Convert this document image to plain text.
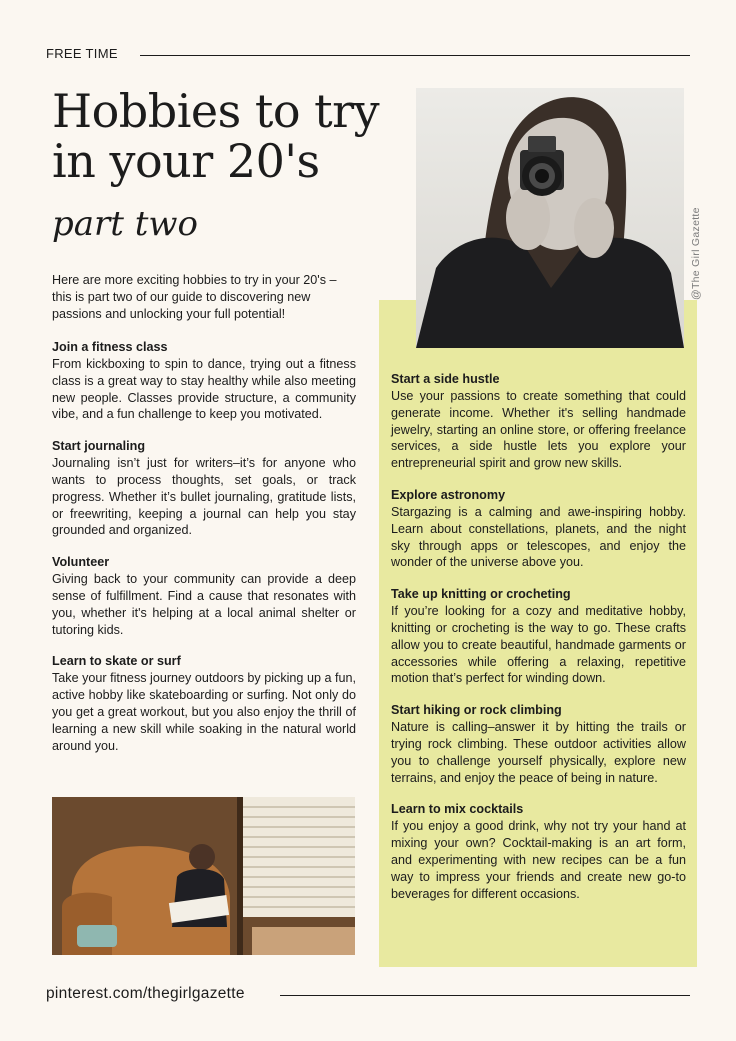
FREE TIME
Hobbies to try
in your 20's
part two

Here are more exciting hobbies to try in your 20's –this is part two of our guide to discovering new passions and unlocking your full potential!

@The Girl Gazette
Join a fitness class

From kickboxing to spin to dance, trying out a fitness class is a great way to stay healthy while also meeting new people. Classes provide structure, a community vibe, and a fun challenge to keep you motivated.

Start journaling

Journaling isn’t just for writers–it’s for anyone who wants to process thoughts, set goals, or track progress. Whether it’s bullet journaling, gratitude lists, or freewriting, keeping a journal can help you stay grounded and organized.

Volunteer

Giving back to your community can provide a deep sense of fulfillment. Find a cause that resonates with you, whether it's helping at a local animal shelter or tutoring kids.

Learn to skate or surf

Take your fitness journey outdoors by picking up a fun, active hobby like skateboarding or surfing. Not only do you get a great workout, but you also enjoy the thrill of learning a new skill while soaking in the natural world around you.

Start a side hustle

Use your passions to create something that could generate income. Whether it's selling handmade jewelry, starting an online store, or offering freelance services, a side hustle lets you explore your entrepreneurial spirit and grow new skills.

Explore astronomy

Stargazing is a calming and awe-inspiring hobby. Learn about constellations, planets, and the night sky through apps or telescopes, and enjoy the wonder of the universe above you.

Take up knitting or crocheting

If you’re looking for a cozy and meditative hobby, knitting or crocheting is the way to go. These crafts allow you to create beautiful, handmade garments or accessories while offering a relaxing, repetitive motion that’s perfect for winding down.

Start hiking or rock climbing

Nature is calling–answer it by hitting the trails or trying rock climbing. These outdoor activities allow you to challenge yourself physically, explore new terrains, and enjoy the peace of being in nature.

Learn to mix cocktails

If you enjoy a good drink, why not try your hand at mixing your own? Cocktail-making is an art form, and experimenting with new recipes can be a fun way to impress your friends and create new go-to beverages for different occasions.

pinterest.com/thegirlgazette
